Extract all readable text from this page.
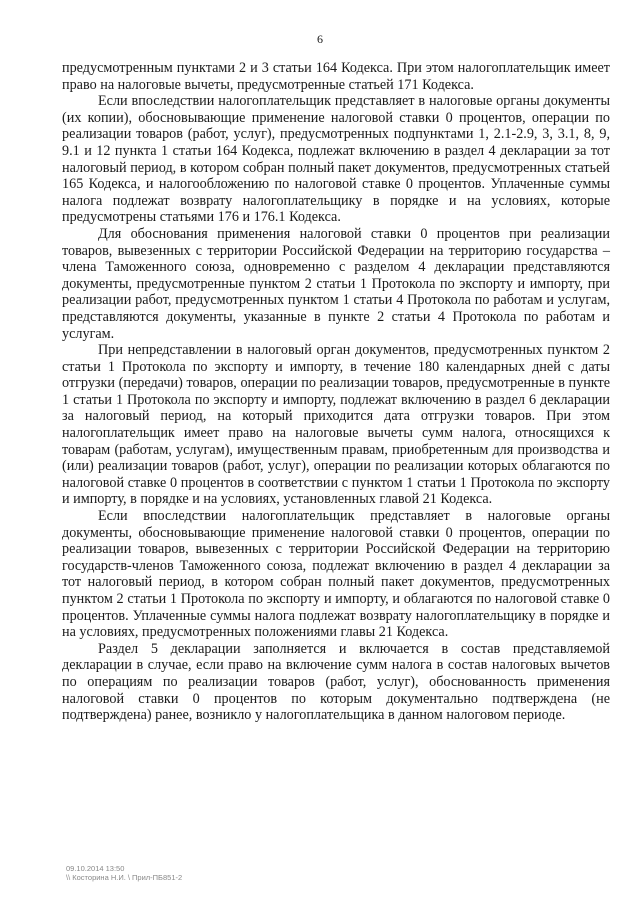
6

предусмотренным пунктами 2 и 3 статьи 164 Кодекса. При этом налогоплательщик имеет право на налоговые вычеты, предусмотренные статьей 171 Кодекса.

Если впоследствии налогоплательщик представляет в налоговые органы документы (их копии), обосновывающие применение налоговой ставки 0 процентов, операции по реализации товаров (работ, услуг), предусмотренных подпунктами 1, 2.1-2.9, 3, 3.1, 8, 9, 9.1 и 12 пункта 1 статьи 164 Кодекса, подлежат включению в раздел 4 декларации за тот налоговый период, в котором собран полный пакет документов, предусмотренных статьей 165 Кодекса, и налогообложению по налоговой ставке 0 процентов. Уплаченные суммы налога подлежат возврату налогоплательщику в порядке и на условиях, которые предусмотрены статьями 176 и 176.1 Кодекса.

Для обоснования применения налоговой ставки 0 процентов при реализации товаров, вывезенных с территории Российской Федерации на территорию государства – члена Таможенного союза, одновременно с разделом 4 декларации представляются документы, предусмотренные пунктом 2 статьи 1 Протокола по экспорту и импорту, при реализации работ, предусмотренных пунктом 1 статьи 4 Протокола по работам и услугам, представляются документы, указанные в пункте 2 статьи 4 Протокола по работам и услугам.

При непредставлении в налоговый орган документов, предусмотренных пунктом 2 статьи 1 Протокола по экспорту и импорту, в течение 180 календарных дней с даты отгрузки (передачи) товаров, операции по реализации товаров, предусмотренные в пункте 1 статьи 1 Протокола по экспорту и импорту, подлежат включению в раздел 6 декларации за налоговый период, на который приходится дата отгрузки товаров. При этом налогоплательщик имеет право на налоговые вычеты сумм налога, относящихся к товарам (работам, услугам), имущественным правам, приобретенным для производства и (или) реализации товаров (работ, услуг), операции по реализации которых облагаются по налоговой ставке 0 процентов в соответствии с пунктом 1 статьи 1 Протокола по экспорту и импорту, в порядке и на условиях, установленных главой 21 Кодекса.

Если впоследствии налогоплательщик представляет в налоговые органы документы, обосновывающие применение налоговой ставки 0 процентов, операции по реализации товаров, вывезенных с территории Российской Федерации на территорию государств-членов Таможенного союза, подлежат включению в раздел 4 декларации за тот налоговый период, в котором собран полный пакет документов, предусмотренных пунктом 2 статьи 1 Протокола по экспорту и импорту, и облагаются по налоговой ставке 0 процентов. Уплаченные суммы налога подлежат возврату налогоплательщику в порядке и на условиях, предусмотренных положениями главы 21 Кодекса.

Раздел 5 декларации заполняется и включается в состав представляемой декларации в случае, если право на включение сумм налога в состав налоговых вычетов по операциям по реализации товаров (работ, услуг), обоснованность применения налоговой ставки 0 процентов по которым документально подтверждена (не подтверждена) ранее, возникло у налогоплательщика в данном налоговом периоде.

09.10.2014 13:50
\\ Косторина Н.И. \ Прил-ПБ851-2
